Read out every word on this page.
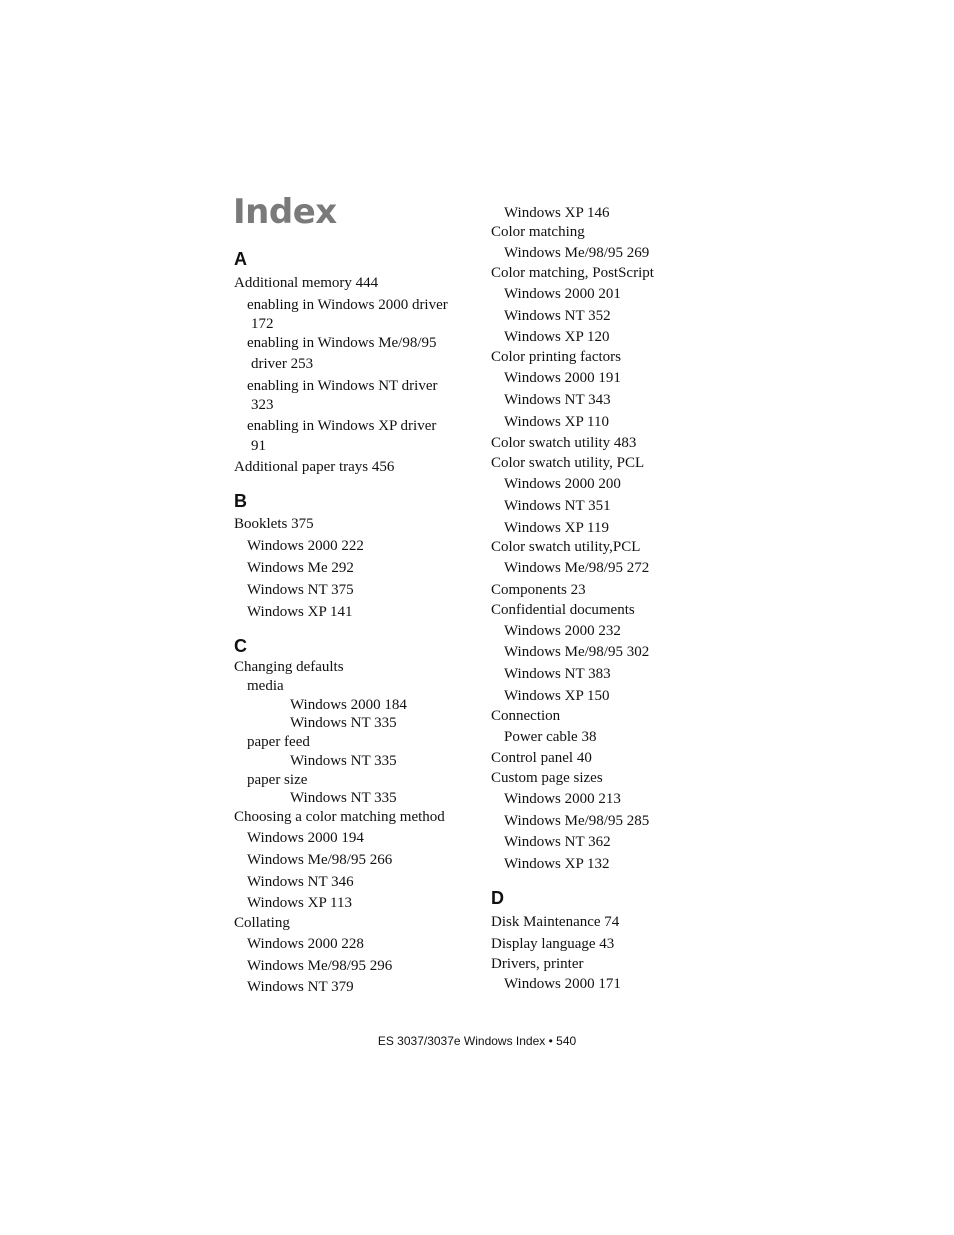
Index
A
Additional memory 444
enabling in Windows 2000 driver
172
enabling in Windows Me/98/95
driver 253
enabling in Windows NT driver
323
enabling in Windows XP driver
91
Additional paper trays 456
B
Booklets 375
Windows 2000 222
Windows Me 292
Windows NT 375
Windows XP 141
C
Changing defaults
media
Windows 2000 184
Windows NT 335
paper feed
Windows NT 335
paper size
Windows NT 335
Choosing a color matching method
Windows 2000 194
Windows Me/98/95 266
Windows NT 346
Windows XP 113
Collating
Windows 2000 228
Windows Me/98/95 296
Windows NT 379
Windows XP 146
Color matching
Windows Me/98/95 269
Color matching, PostScript
Windows 2000 201
Windows NT 352
Windows XP 120
Color printing factors
Windows 2000 191
Windows NT 343
Windows XP 110
Color swatch utility 483
Color swatch utility, PCL
Windows 2000 200
Windows NT 351
Windows XP 119
Color swatch utility,PCL
Windows Me/98/95 272
Components 23
Confidential documents
Windows 2000 232
Windows Me/98/95 302
Windows NT 383
Windows XP 150
Connection
Power cable 38
Control panel 40
Custom page sizes
Windows 2000 213
Windows Me/98/95 285
Windows NT 362
Windows XP 132
D
Disk Maintenance 74
Display language 43
Drivers, printer
Windows 2000 171
ES 3037/3037e Windows Index • 540
